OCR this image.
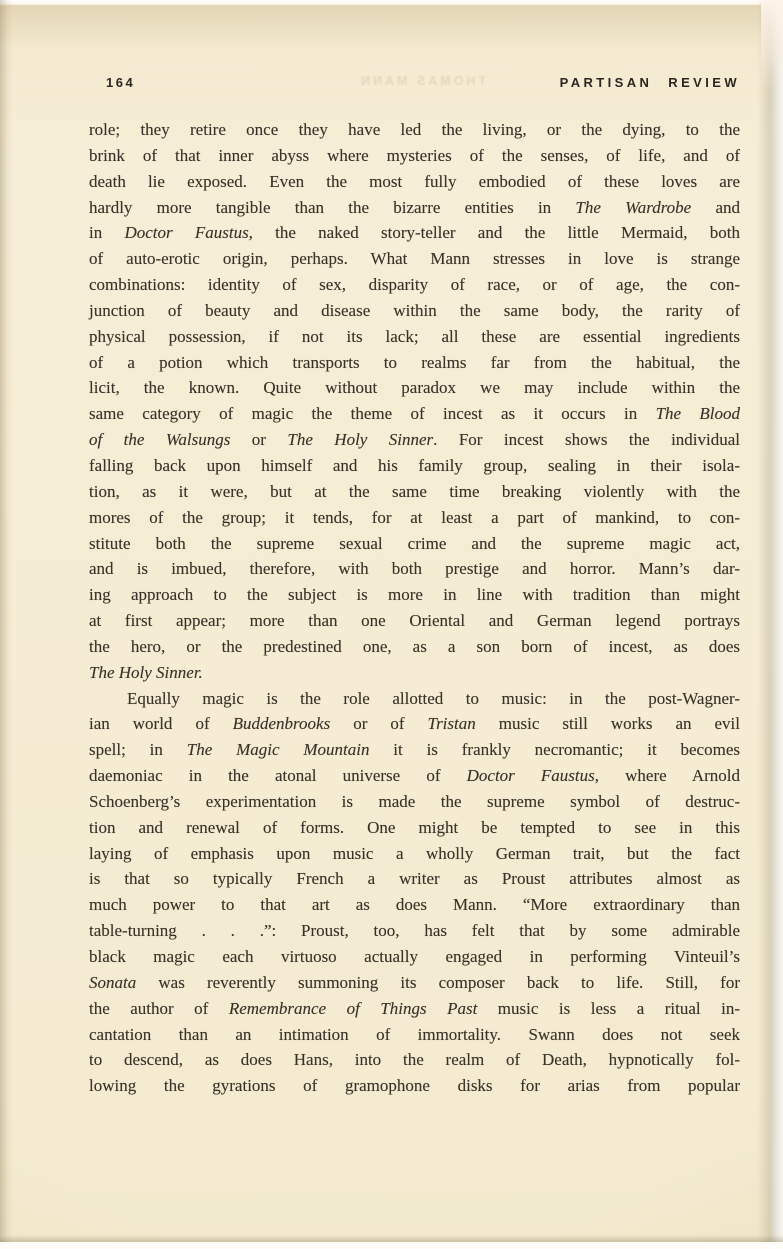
THOMAS MANN
164	PARTISAN REVIEW
role; they retire once they have led the living, or the dying, to the
brink of that inner abyss where mysteries of the senses, of life, and of
death lie exposed. Even the most fully embodied of these loves are
hardly more tangible than the bizarre entities in The Wardrobe and
in Doctor Faustus, the naked story-teller and the little Mermaid, both
of auto-erotic origin, perhaps. What Mann stresses in love is strange
combinations: identity of sex, disparity of race, or of age, the con-
junction of beauty and disease within the same body, the rarity of
physical possession, if not its lack; all these are essential ingredients
of a potion which transports to realms far from the habitual, the
licit, the known. Quite without paradox we may include within the
same category of magic the theme of incest as it occurs in The Blood
of the Walsungs or The Holy Sinner. For incest shows the individual
falling back upon himself and his family group, sealing in their isola-
tion, as it were, but at the same time breaking violently with the
mores of the group; it tends, for at least a part of mankind, to con-
stitute both the supreme sexual crime and the supreme magic act,
and is imbued, therefore, with both prestige and horror. Mann’s dar-
ing approach to the subject is more in line with tradition than might
at first appear; more than one Oriental and German legend portrays
the hero, or the predestined one, as a son born of incest, as does
The Holy Sinner.
Equally magic is the role allotted to music: in the post-Wagner-
ian world of Buddenbrooks or of Tristan music still works an evil
spell; in The Magic Mountain it is frankly necromantic; it becomes
daemoniac in the atonal universe of Doctor Faustus, where Arnold
Schoenberg’s experimentation is made the supreme symbol of destruc-
tion and renewal of forms. One might be tempted to see in this
laying of emphasis upon music a wholly German trait, but the fact
is that so typically French a writer as Proust attributes almost as
much power to that art as does Mann. “More extraordinary than
table-turning . . .”: Proust, too, has felt that by some admirable
black magic each virtuoso actually engaged in performing Vinteuil’s
Sonata was reverently summoning its composer back to life. Still, for
the author of Remembrance of Things Past music is less a ritual in-
cantation than an intimation of immortality. Swann does not seek
to descend, as does Hans, into the realm of Death, hypnotically fol-
lowing the gyrations of gramophone disks for arias from popular
